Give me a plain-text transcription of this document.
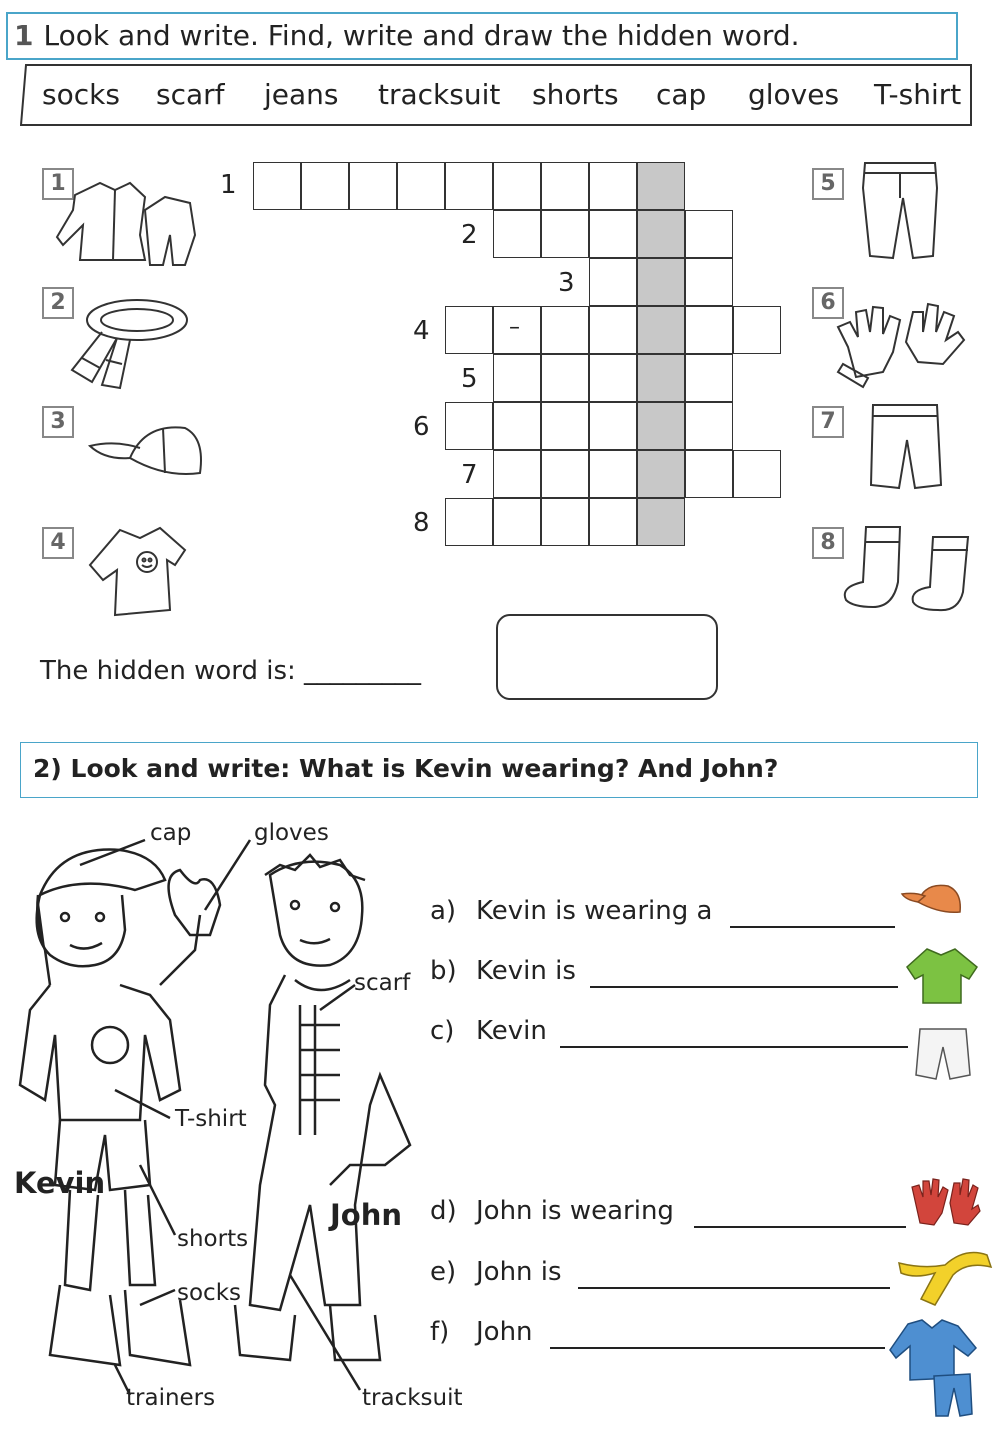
1 Look and write. Find, write and draw the hidden word.
socks scarf jeans tracksuit shorts cap gloves T-shirt
–
1
2
3
4
5
6
7
8
1
2
3
4
5
6
7
8
The hidden word is: _________
2) Look and write: What is Kevin wearing? And John?
cap	gloves
scarf
T-shirt
shorts
socks
trainers	tracksuit
Kevin
John
a) Kevin is wearing a
b) Kevin is
c) Kevin
d) John is wearing
e) John is
f) John
